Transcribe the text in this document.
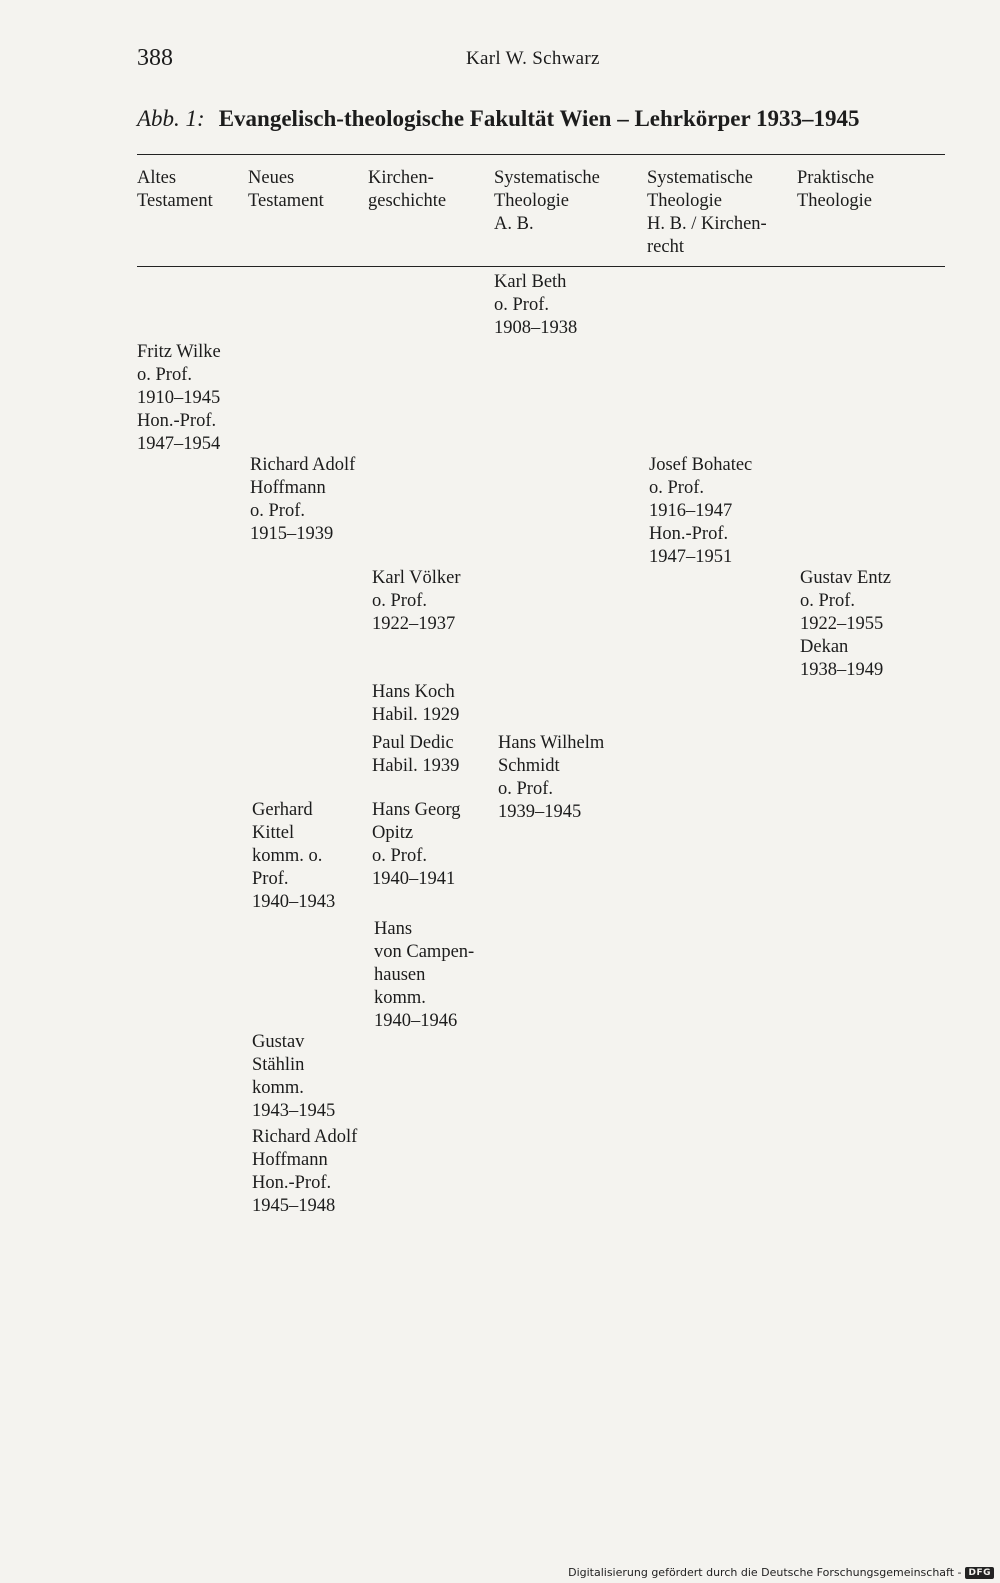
388	Karl W. Schwarz
Abb. 1: Evangelisch-theologische Fakultät Wien – Lehrkörper 1933–1945
Altes
Testament
Neues
Testament
Kirchen-
geschichte
Systematische
Theologie
A. B.
Systematische
Theologie
H. B. / Kirchen-
recht
Praktische
Theologie
Karl Beth
o. Prof.
1908–1938
Fritz Wilke
o. Prof.
1910–1945
Hon.-Prof.
1947–1954
Richard Adolf
Hoffmann
o. Prof.
1915–1939
Josef Bohatec
o. Prof.
1916–1947
Hon.-Prof.
1947–1951
Karl Völker
o. Prof.
1922–1937
Gustav Entz
o. Prof.
1922–1955
Dekan
1938–1949
Hans Koch
Habil. 1929
Paul Dedic
Habil. 1939
Hans Wilhelm
Schmidt
o. Prof.
1939–1945
Gerhard
Kittel
komm. o.
Prof.
1940–1943
Hans Georg
Opitz
o. Prof.
1940–1941
Hans
von Campen-
hausen
komm.
1940–1946
Gustav
Stählin
komm.
1943–1945
Richard Adolf
Hoffmann
Hon.-Prof.
1945–1948
Digitalisierung gefördert durch die Deutsche Forschungsgemeinschaft - DFG
